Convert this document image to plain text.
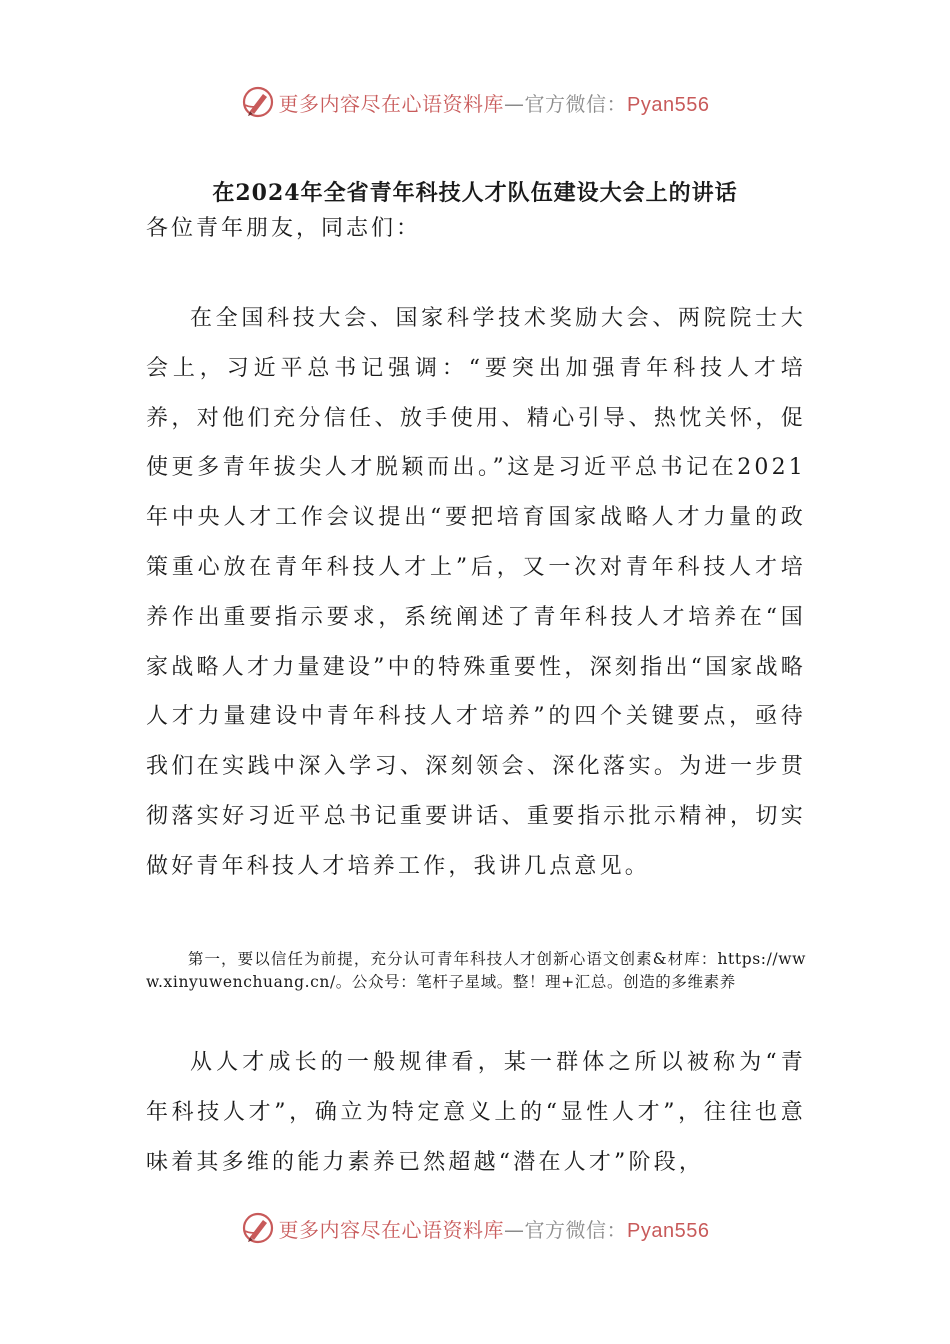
更多内容尽在心语资料库—官方微信：Pyan556
在2024年全省青年科技人才队伍建设大会上的讲话
各位青年朋友，同志们：

在全国科技大会、国家科学技术奖励大会、两院院士大会上，习近平总书记强调：“要突出加强青年科技人才培养，对他们充分信任、放手使用、精心引导、热忱关怀，促使更多青年拔尖人才脱颖而出。”这是习近平总书记在2021年中央人才工作会议提出“要把培育国家战略人才力量的政策重心放在青年科技人才上”后，又一次对青年科技人才培养作出重要指示要求，系统阐述了青年科技人才培养在“国家战略人才力量建设”中的特殊重要性，深刻指出“国家战略人才力量建设中青年科技人才培养”的四个关键要点，亟待我们在实践中深入学习、深刻领会、深化落实。为进一步贯彻落实好习近平总书记重要讲话、重要指示批示精神，切实做好青年科技人才培养工作，我讲几点意见。

第一，要以信任为前提，充分认可青年科技人才创新心语文创素&材库：https://www.xinyuwenchuang.cn/。公众号：笔杆子星域。整！理+汇总。创造的多维素养

从人才成长的一般规律看，某一群体之所以被称为“青年科技人才”，确立为特定意义上的“显性人才”，往往也意味着其多维的能力素养已然超越“潜在人才”阶段，

更多内容尽在心语资料库—官方微信：Pyan556
